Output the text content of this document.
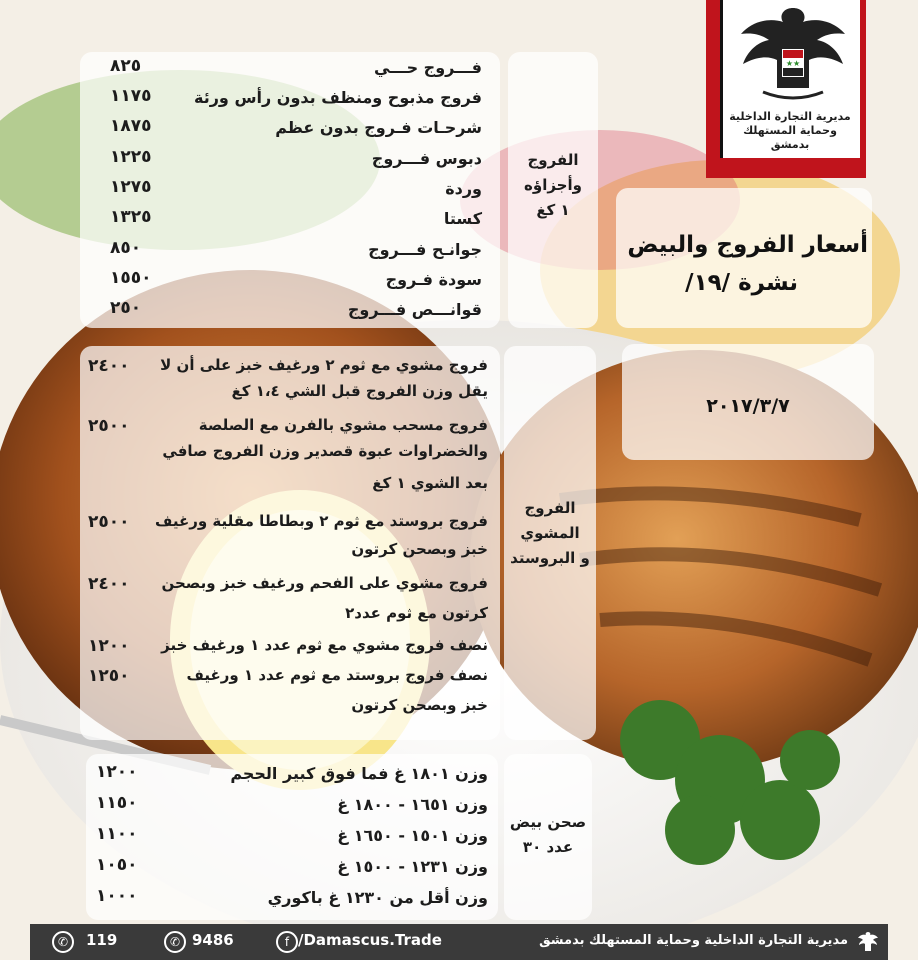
★★
مديرية التجارة الداخلية
وحماية المستهلك بدمشق
أسعار الفروج والبيض
نشرة /١٩/
٢٠١٧/٣/٧
الفروج
وأجزاؤه
١ كغ
فـــروج حـــي
٨٢٥
فروج مذبوح ومنظف بدون رأس ورئة
١١٧٥
شرحـات فـروج بدون عظم
١٨٧٥
دبوس فـــروج
١٢٢٥
وردة
١٢٧٥
كستا
١٣٢٥
جوانـح فـــروج
٨٥٠
سودة فـروج
١٥٥٠
قوانـــص فـــروج
٢٥٠
الفروج
المشوي
و البروستد
فروج مشوي مع ثوم ٢ ورغيف خبز على أن لا
يقل وزن الفروج قبل الشي ١،٤ كغ
٢٤٠٠
فروج مسحب مشوي بالفرن مع الصلصة
والخضراوات عبوة قصدير وزن الفروج صافي
بعد الشوي ١ كغ
٢٥٠٠
فروج بروستد مع ثوم ٢ وبطاطا مقلية ورغيف
خبز وبصحن كرتون
٢٥٠٠
فروج مشوي على الفحم ورغيف خبز وبصحن
كرتون مع ثوم عدد٢
٢٤٠٠
نصف فروج مشوي مع ثوم عدد ١ ورغيف خبز
١٢٠٠
نصف فروج بروستد مع ثوم عدد ١ ورغيف
خبز وبصحن كرتون
١٢٥٠
صحن بيض
عدد ٣٠
وزن ١٨٠١ غ فما فوق كبير الحجم
١٢٠٠
وزن ١٦٥١ - ١٨٠٠ غ
١١٥٠
وزن ١٥٠١ - ١٦٥٠ غ
١١٠٠
وزن ١٢٣١ - ١٥٠٠ غ
١٠٥٠
وزن أقل من ١٢٣٠ غ باكوري
١٠٠٠
✆	119	✆ 9486	f /Damascus.Trade	مديرية التجارة الداخلية وحماية المستهلك بدمشق
